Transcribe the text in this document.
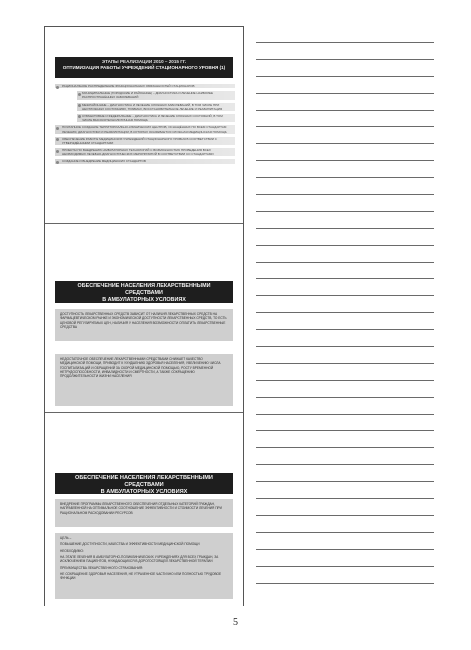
ЭТАПЫ РЕАЛИЗАЦИИ 2010 – 2015 ГГ.
ОПТИМИЗАЦИЯ РАБОТЫ УЧРЕЖДЕНИЙ СТАЦИОНАРНОГО УРОВНЯ (1)
РАЦИОНАЛЬНОЕ РАСПРЕДЕЛЕНИЕ ФУНКЦИОНАЛЬНЫХ ОБЯЗАННОСТЕЙ СТАЦИОНАРОВ
МУНИЦИПАЛЬНЫЕ (ГОРОДСКИЕ И РАЙОННЫЕ) – ДИАГНОСТИКА И ЛЕЧЕНИЕ НАИБОЛЕЕ РАСПРОСТРАНЁННЫХ ЗАБОЛЕВАНИЙ
МЕЖРАЙОННЫЕ – ДИАГНОСТИКА И ЛЕЧЕНИЕ СЛОЖНЫХ ЗАБОЛЕВАНИЙ, В ТОМ ЧИСЛЕ ПРИ НЕОТЛОЖНЫХ СОСТОЯНИЯХ, ТРАВМАХ, ВОССТАНОВИТЕЛЬНОЕ ЛЕЧЕНИЕ И РЕАБИЛИТАЦИЯ
СУБЪЕКТОВЫЕ И ФЕДЕРАЛЬНЫЕ – ДИАГНОСТИКА И ЛЕЧЕНИЕ СЛОЖНЫХ СОСТОЯНИЙ, В ТОМ ЧИСЛЕ ВЫСОКОТЕХНОЛОГИЧНАЯ ПОМОЩЬ
ПОЭТАПНОЕ СОЗДАНИЕ ТЕРРИТОРИАЛЬНО-КЛИНИЧЕСКИХ ЦЕНТРОВ, ОСНАЩЁННЫХ ПО ВСЕМ СТАНДАРТАМ ЛЕЧЕНИЯ, ДИАГНОСТИКИ И РЕАБИЛИТАЦИИ, В КОТОРЫХ ОКАЗЫВАЕТСЯ СЛОЖНАЯ МЕДИЦИНСКАЯ ПОМОЩЬ
ОБЕСПЕЧЕНИЕ РАБОТЫ МЕДИЦИНСКИХ УЧРЕЖДЕНИЙ СТАЦИОНАРНОГО УРОВНЯ В СООТВЕТСТВИИ С УТВЕРЖДЁННЫМИ СТАНДАРТАМИ
ПРОЕКТЫ ПО ВНЕДРЕНИЮ АМБУЛАТОРНЫХ ТЕХНОЛОГИЙ С ВОЗМОЖНОСТЬЮ ПРОВЕДЕНИЯ ВСЕХ НЕОБХОДИМЫХ ЛЕЧЕБНО-ДИАГНОСТИЧЕСКИХ МЕРОПРИЯТИЙ В СООТВЕТСТВИИ СО СТАНДАРТАМИ
СОЗДАНИЕ И ВНЕДРЕНИЕ МЕДИЦИНСКИХ СТАНДАРТОВ
ОБЕСПЕЧЕНИЕ НАСЕЛЕНИЯ ЛЕКАРСТВЕННЫМИ СРЕДСТВАМИ
В АМБУЛАТОРНЫХ УСЛОВИЯХ
ДОСТУПНОСТЬ ЛЕКАРСТВЕННЫХ СРЕДСТВ ЗАВИСИТ ОТ НАЛИЧИЯ ЛЕКАРСТВЕННЫХ СРЕДСТВ НА ФАРМАЦЕВТИЧЕСКОМ РЫНКЕ И ЭКОНОМИЧЕСКОЙ ДОСТУПНОСТИ ЛЕКАРСТВЕННЫХ СРЕДСТВ, ТО ЕСТЬ ЦЕНОВОЙ РЕГУЛИРУЕМЫХ ЦЕН, НАЛИЧИЯ У НАСЕЛЕНИЯ ВОЗМОЖНОСТИ ОПЛАТИТЬ ЛЕКАРСТВЕННЫЕ СРЕДСТВА
НЕДОСТАТОЧНОЕ ОБЕСПЕЧЕНИЕ ЛЕКАРСТВЕННЫМИ СРЕДСТВАМИ СНИЖАЕТ КАЧЕСТВО МЕДИЦИНСКОЙ ПОМОЩИ, ПРИВОДИТ К УХУДШЕНИЮ ЗДОРОВЬЯ НАСЕЛЕНИЯ, УВЕЛИЧЕНИЮ ЧИСЛА ГОСПИТАЛИЗАЦИЙ И ОБРАЩЕНИЙ ЗА СКОРОЙ МЕДИЦИНСКОЙ ПОМОЩЬЮ, РОСТУ ВРЕМЕННОЙ НЕТРУДОСПОСОБНОСТИ, ИНВАЛИДНОСТИ И СМЕРТНОСТИ, А ТАКЖЕ СОКРАЩЕНИЮ ПРОДОЛЖИТЕЛЬНОСТИ ЖИЗНИ НАСЕЛЕНИЯ
ОБЕСПЕЧЕНИЕ НАСЕЛЕНИЯ ЛЕКАРСТВЕННЫМИ СРЕДСТВАМИ
В АМБУЛАТОРНЫХ УСЛОВИЯХ
ВНЕДРЕНИЕ ПРОГРАММЫ ЛЕКАРСТВЕННОГО ОБЕСПЕЧЕНИЯ ОТДЕЛЬНЫХ КАТЕГОРИЙ ГРАЖДАН, НАПРАВЛЕННОЙ НА ОПТИМАЛЬНОЕ СООТНОШЕНИЕ ЭФФЕКТИВНОСТИ И СТОИМОСТИ ЛЕЧЕНИЯ ПРИ РАЦИОНАЛЬНОМ РАСХОДОВАНИИ РЕСУРСОВ
ЦЕЛЬ –
ПОВЫШЕНИЕ ДОСТУПНОСТИ, КАЧЕСТВА И ЭФФЕКТИВНОСТИ МЕДИЦИНСКОЙ ПОМОЩИ
НЕОБХОДИМО:
НА ЭТАПЕ ЛЕЧЕНИЯ В АМБУЛАТОРНО-ПОЛИКЛИНИЧЕСКИХ УЧРЕЖДЕНИЯХ ДЛЯ ВСЕХ ГРАЖДАН, ЗА ИСКЛЮЧЕНИЕМ ПАЦИЕНТОВ, НУЖДАЮЩИХСЯ В ДОРОГОСТОЯЩЕЙ ЛЕКАРСТВЕННОЙ ТЕРАПИИ
ПРЕИМУЩЕСТВА ЛЕКАРСТВЕННОГО СТРАХОВАНИЯ:
НЕ СОКРАЩЕНИЕ ЗДОРОВЬЯ НАСЕЛЕНИЯ, НЕ УТРАЧЕННОЕ ЧАСТИЧНО ИЛИ ПОЛНОСТЬЮ ТРУДОВОЕ ФУНКЦИИ
5
